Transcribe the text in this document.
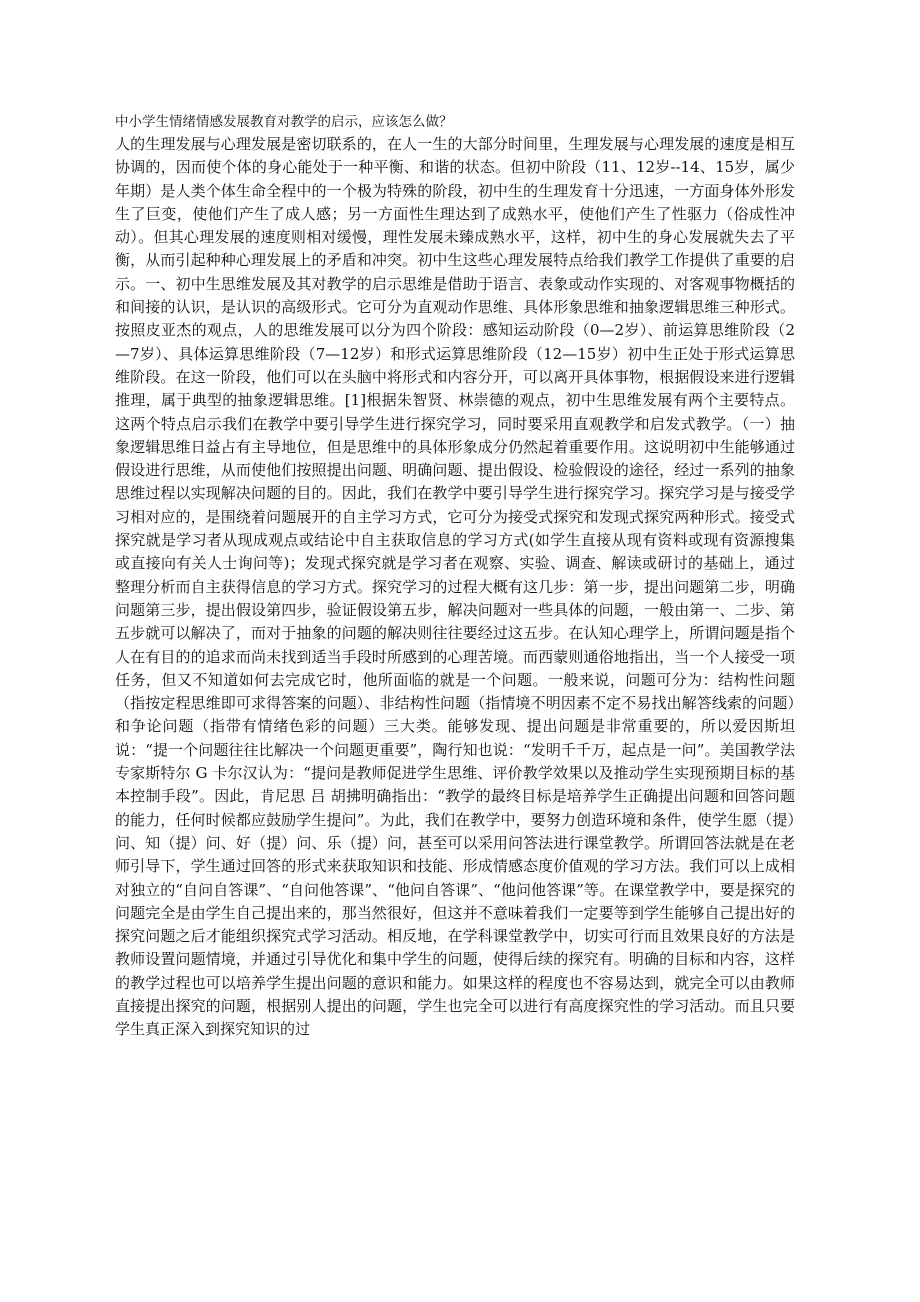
中小学生情绪情感发展教育对教学的启示，应该怎么做？

人的生理发展与心理发展是密切联系的，在人一生的大部分时间里，生理发展与心理发展的速度是相互协调的，因而使个体的身心能处于一种平衡、和谐的状态。但初中阶段（11、12岁--14、15岁，属少年期）是人类个体生命全程中的一个极为特殊的阶段，初中生的生理发育十分迅速，一方面身体外形发生了巨变，使他们产生了成人感；另一方面性生理达到了成熟水平，使他们产生了性驱力（俗成性冲动）。但其心理发展的速度则相对缓慢，理性发展未臻成熟水平，这样，初中生的身心发展就失去了平衡，从而引起种种心理发展上的矛盾和冲突。初中生这些心理发展特点给我们教学工作提供了重要的启示。一、初中生思维发展及其对教学的启示思维是借助于语言、表象或动作实现的、对客观事物概括的和间接的认识，是认识的高级形式。它可分为直观动作思维、具体形象思维和抽象逻辑思维三种形式。按照皮亚杰的观点，人的思维发展可以分为四个阶段：感知运动阶段（0—2岁）、前运算思维阶段（2—7岁）、具体运算思维阶段（7—12岁）和形式运算思维阶段（12—15岁）初中生正处于形式运算思维阶段。在这一阶段，他们可以在头脑中将形式和内容分开，可以离开具体事物，根据假设来进行逻辑推理，属于典型的抽象逻辑思维。[1]根据朱智贤、林崇德的观点，初中生思维发展有两个主要特点。这两个特点启示我们在教学中要引导学生进行探究学习，同时要采用直观教学和启发式教学。（一）抽象逻辑思维日益占有主导地位，但是思维中的具体形象成分仍然起着重要作用。这说明初中生能够通过假设进行思维，从而使他们按照提出问题、明确问题、提出假设、检验假设的途径，经过一系列的抽象思维过程以实现解决问题的目的。因此，我们在教学中要引导学生进行探究学习。探究学习是与接受学习相对应的，是围绕着问题展开的自主学习方式，它可分为接受式探究和发现式探究两种形式。接受式探究就是学习者从现成观点或结论中自主获取信息的学习方式(如学生直接从现有资料或现有资源搜集或直接向有关人士询问等)；发现式探究就是学习者在观察、实验、调查、解读或研讨的基础上，通过整理分析而自主获得信息的学习方式。探究学习的过程大概有这几步：第一步，提出问题第二步，明确问题第三步，提出假设第四步，验证假设第五步，解决问题对一些具体的问题，一般由第一、二步、第五步就可以解决了，而对于抽象的问题的解决则往往要经过这五步。在认知心理学上，所谓问题是指个人在有目的的追求而尚未找到适当手段时所感到的心理苦境。而西蒙则通俗地指出，当一个人接受一项任务，但又不知道如何去完成它时，他所面临的就是一个问题。一般来说，问题可分为：结构性问题（指按定程思维即可求得答案的问题）、非结构性问题（指情境不明因素不定不易找出解答线索的问题）和争论问题（指带有情绪色彩的问题）三大类。能够发现、提出问题是非常重要的，所以爱因斯坦说：“提一个问题往往比解决一个问题更重要”，陶行知也说：“发明千千万，起点是一问”。美国教学法专家斯特尔 G 卡尔汉认为：“提问是教师促进学生思维、评价教学效果以及推动学生实现预期目标的基本控制手段”。因此，肯尼思 吕 胡拂明确指出：“教学的最终目标是培养学生正确提出问题和回答问题的能力，任何时候都应鼓励学生提问”。为此，我们在教学中，要努力创造环境和条件，使学生愿（提）问、知（提）问、好（提）问、乐（提）问，甚至可以采用问答法进行课堂教学。所谓回答法就是在老师引导下，学生通过回答的形式来获取知识和技能、形成情感态度价值观的学习方法。我们可以上成相对独立的“自问自答课”、“自问他答课”、“他问自答课”、“他问他答课”等。在课堂教学中，要是探究的问题完全是由学生自己提出来的，那当然很好，但这并不意味着我们一定要等到学生能够自己提出好的探究问题之后才能组织探究式学习活动。相反地，在学科课堂教学中，切实可行而且效果良好的方法是教师设置问题情境，并通过引导优化和集中学生的问题，使得后续的探究有。明确的目标和内容，这样的教学过程也可以培养学生提出问题的意识和能力。如果这样的程度也不容易达到，就完全可以由教师直接提出探究的问题，根据别人提出的问题，学生也完全可以进行有高度探究性的学习活动。而且只要学生真正深入到探究知识的过
